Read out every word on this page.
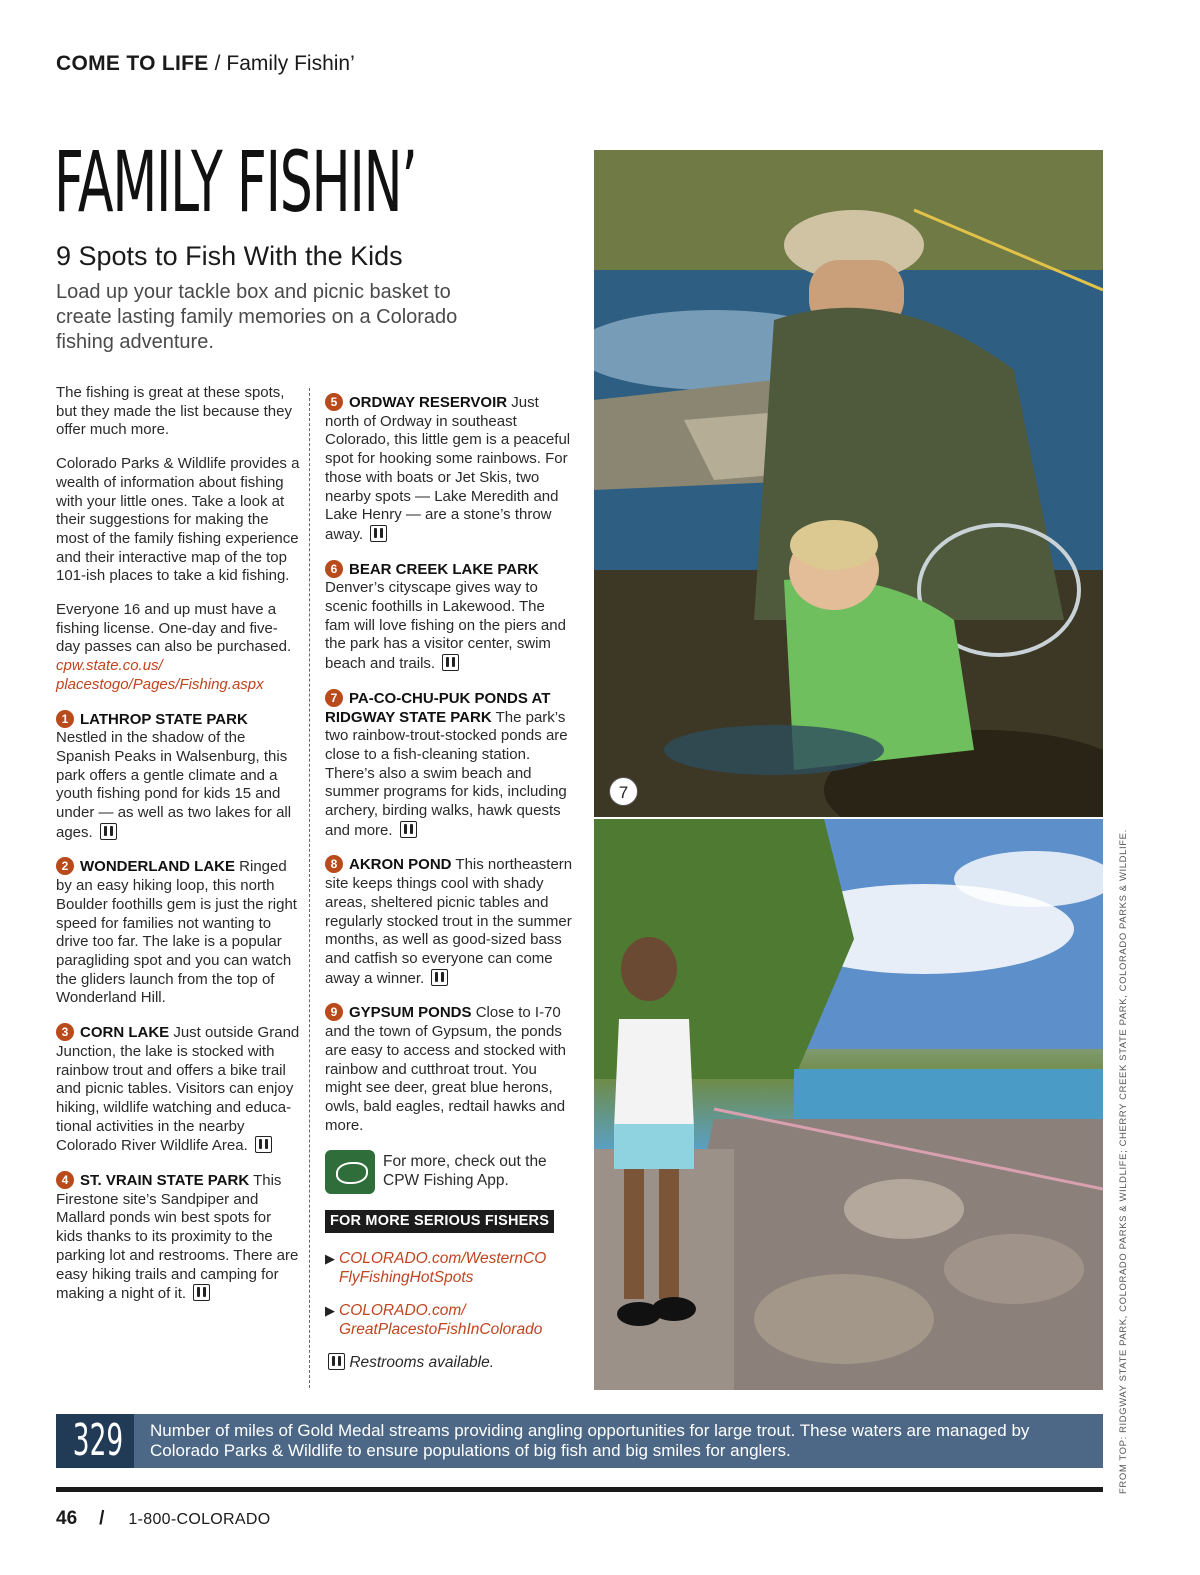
COME TO LIFE / Family Fishin’
FAMILY FISHIN’
9 Spots to Fish With the Kids
Load up your tackle box and picnic basket to create lasting family memories on a Colorado fishing adventure.

The fishing is great at these spots, but they made the list because they offer much more.

Colorado Parks & Wildlife provides a wealth of information about fishing with your little ones. Take a look at their suggestions for making the most of the family fishing experience and their interactive map of the top 101-ish places to take a kid fishing.

Everyone 16 and up must have a fishing license. One-day and five-day passes can also be purchased. cpw.state.co.us/ placestogo/Pages/Fishing.aspx

1 LATHROP STATE PARK Nestled in the shadow of the Spanish Peaks in Walsenburg, this park offers a gentle climate and a youth fishing pond for kids 15 and under — as well as two lakes for all ages.

2 WONDERLAND LAKE Ringed by an easy hiking loop, this north Boulder foothills gem is just the right speed for families not wanting to drive too far. The lake is a popular paragliding spot and you can watch the gliders launch from the top of Wonderland Hill.

3 CORN LAKE Just outside Grand Junction, the lake is stocked with rainbow trout and offers a bike trail and picnic tables. Visitors can enjoy hiking, wildlife watching and educational activities in the nearby Colorado River Wildlife Area.

4 ST. VRAIN STATE PARK This Firestone site’s Sandpiper and Mallard ponds win best spots for kids thanks to its proximity to the parking lot and restrooms. There are easy hiking trails and camping for making a night of it.

5 ORDWAY RESERVOIR Just north of Ordway in southeast Colorado, this little gem is a peaceful spot for hooking some rainbows. For those with boats or Jet Skis, two nearby spots — Lake Meredith and Lake Henry — are a stone’s throw away.

6 BEAR CREEK LAKE PARK Denver’s cityscape gives way to scenic foothills in Lakewood. The fam will love fishing on the piers and the park has a visitor center, swim beach and trails.

7 PA-CO-CHU-PUK PONDS AT RIDGWAY STATE PARK The park’s two rainbow-trout-stocked ponds are close to a fish-cleaning station. There’s also a swim beach and summer programs for kids, including archery, birding walks, hawk quests and more.

8 AKRON POND This northeastern site keeps things cool with shady areas, sheltered picnic tables and regularly stocked trout in the summer months, as well as good-sized bass and catfish so everyone can come away a winner.

9 GYPSUM PONDS Close to I-70 and the town of Gypsum, the ponds are easy to access and stocked with rainbow and cutthroat trout. You might see deer, great blue herons, owls, bald eagles, redtail hawks and more.

For more, check out the CPW Fishing App.
FOR MORE SERIOUS FISHERS
▶ COLORADO.com/WesternCO FlyFishingHotSpots
▶ COLORADO.com/ GreatPlacestoFishInColorado
Restrooms available.
7
FROM TOP: RIDGWAY STATE PARK, COLORADO PARKS & WILDLIFE; CHERRY CREEK STATE PARK, COLORADO PARKS & WILDLIFE.
329	Number of miles of Gold Medal streams providing angling opportunities for large trout. These waters are managed by Colorado Parks & Wildlife to ensure populations of big fish and big smiles for anglers.
46 / 1-800-COLORADO
